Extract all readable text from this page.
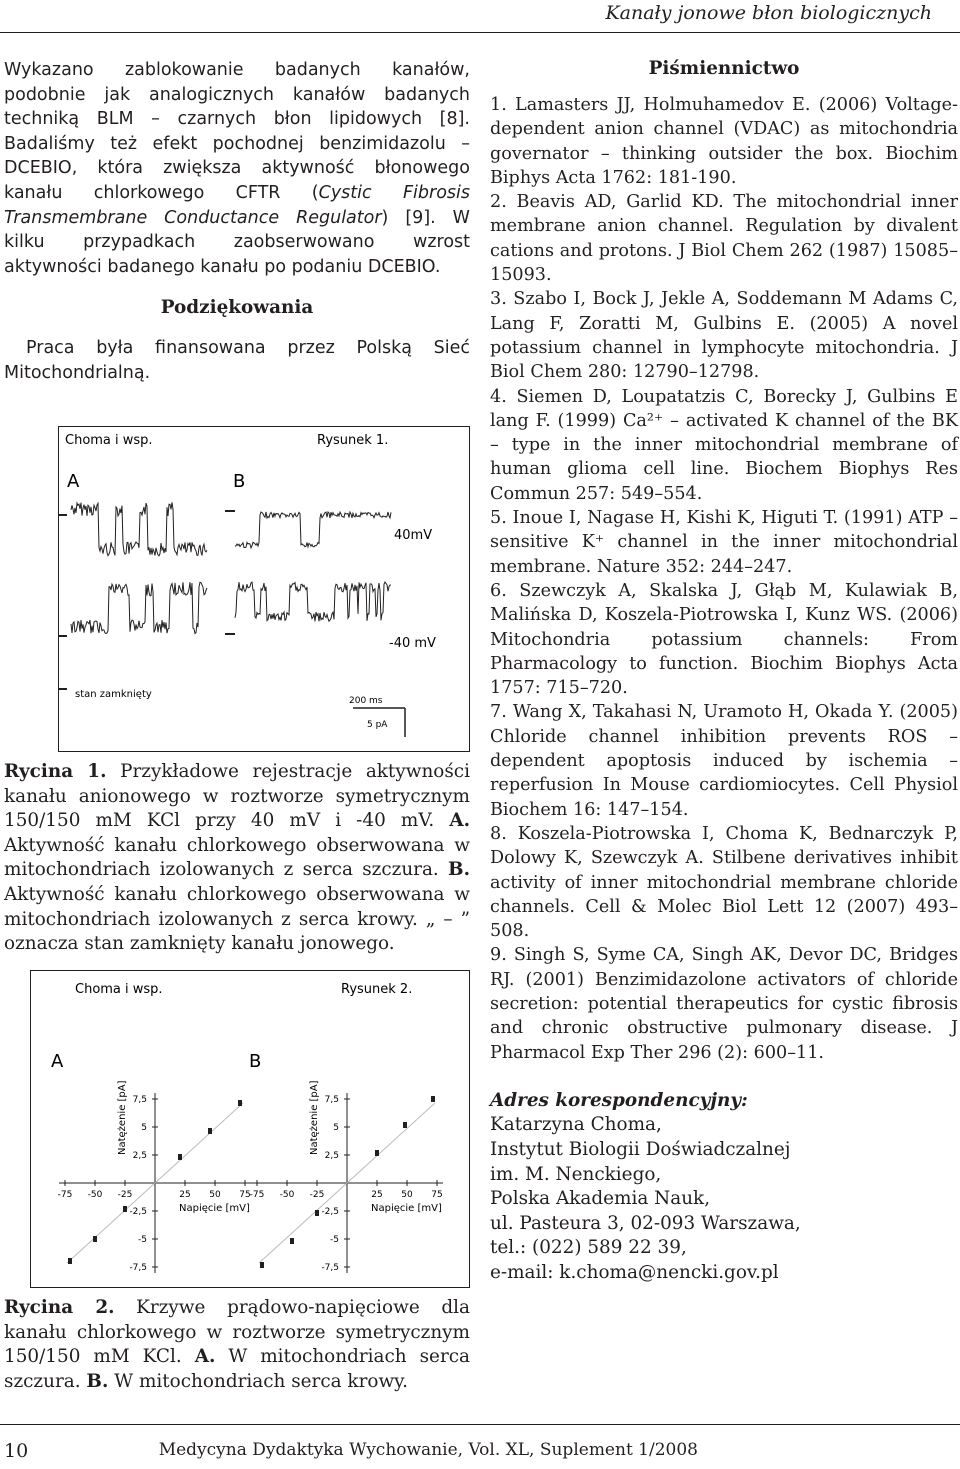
Kanały jonowe błon biologicznych

Wykazano zablokowanie badanych kanałów, podobnie jak analogicznych kanałów badanych techniką BLM – czarnych błon lipidowych [8]. Badaliśmy też efekt pochodnej benzimidazolu – DCEBIO, która zwiększa aktywność błonowego kanału chlorkowego CFTR (Cystic Fibrosis Transmembrane Conductance Regulator) [9]. W kilku przypadkach zaobserwowano wzrost aktywności badanego kanału po podaniu DCEBIO.

Podziękowania

Praca była finansowana przez Polską Sieć Mitochondrialną.

Choma i wsp.	Rysunek 1.
A	B
40mV
-40 mV
stan zamknięty
200 ms
5 pA

Rycina 1. Przykładowe rejestracje aktywności kanału anionowego w roztworze symetrycznym 150/150 mM KCl przy 40 mV i -40 mV. A. Aktywność kanału chlorkowego obserwowana w mitochondriach izolowanych z serca szczura. B. Aktywność kanału chlorkowego obserwowana w mitochondriach izolowanych z serca krowy. „ – ” oznacza stan zamknięty kanału jonowego.

Choma i wsp.	Rysunek 2.
A	B
-75 -50 -25	25 50 75
7,5
5
2,5
-2,5
-5
-7,5
Napięcie [mV]
Natężenie [pA]
-75 -50 -25	25 50 75
7,5
5
2,5
-2,5
-5
-7,5
Napięcie [mV]
Natężenie [pA]

Rycina 2. Krzywe prądowo-napięciowe dla kanału chlorkowego w roztworze symetrycznym 150/150 mM KCl. A. W mitochondriach serca szczura. B. W mitochondriach serca krowy.

Piśmiennictwo

1. Lamasters JJ, Holmuhamedov E. (2006) Voltage-dependent anion channel (VDAC) as mitochondria governator – thinking outsider the box. Biochim Biphys Acta 1762: 181-190.
2. Beavis AD, Garlid KD. The mitochondrial inner membrane anion channel. Regulation by divalent cations and protons. J Biol Chem 262 (1987) 15085–15093.
3. Szabo I, Bock J, Jekle A, Soddemann M Adams C, Lang F, Zoratti M, Gulbins E. (2005) A novel potassium channel in lymphocyte mitochondria. J Biol Chem 280: 12790–12798.
4. Siemen D, Loupatatzis C, Borecky J, Gulbins E lang F. (1999) Ca²⁺ – activated K channel of the BK – type in the inner mitochondrial membrane of human glioma cell line. Biochem Biophys Res Commun 257: 549–554.
5. Inoue I, Nagase H, Kishi K, Higuti T. (1991) ATP – sensitive K⁺ channel in the inner mitochondrial membrane. Nature 352: 244–247.
6. Szewczyk A, Skalska J, Głąb M, Kulawiak B, Malińska D, Koszela-Piotrowska I, Kunz WS. (2006) Mitochondria potassium channels: From Pharmacology to function. Biochim Biophys Acta 1757: 715–720.
7. Wang X, Takahasi N, Uramoto H, Okada Y. (2005) Chloride channel inhibition prevents ROS – dependent apoptosis induced by ischemia – reperfusion In Mouse cardiomiocytes. Cell Physiol Biochem 16: 147–154.
8. Koszela-Piotrowska I, Choma K, Bednarczyk P, Dolowy K, Szewczyk A. Stilbene derivatives inhibit activity of inner mitochondrial membrane chloride channels. Cell & Molec Biol Lett 12 (2007) 493–508.
9. Singh S, Syme CA, Singh AK, Devor DC, Bridges RJ. (2001) Benzimidazolone activators of chloride secretion: potential therapeutics for cystic fibrosis and chronic obstructive pulmonary disease. J Pharmacol Exp Ther 296 (2): 600–11.

Adres korespondencyjny:

Katarzyna Choma,

Instytut Biologii Doświadczalnej

im. M. Nenckiego,

Polska Akademia Nauk,

ul. Pasteura 3, 02-093 Warszawa,

tel.: (022) 589 22 39,

e-mail: k.choma@nencki.gov.pl

10	Medycyna Dydaktyka Wychowanie, Vol. XL, Suplement 1/2008
